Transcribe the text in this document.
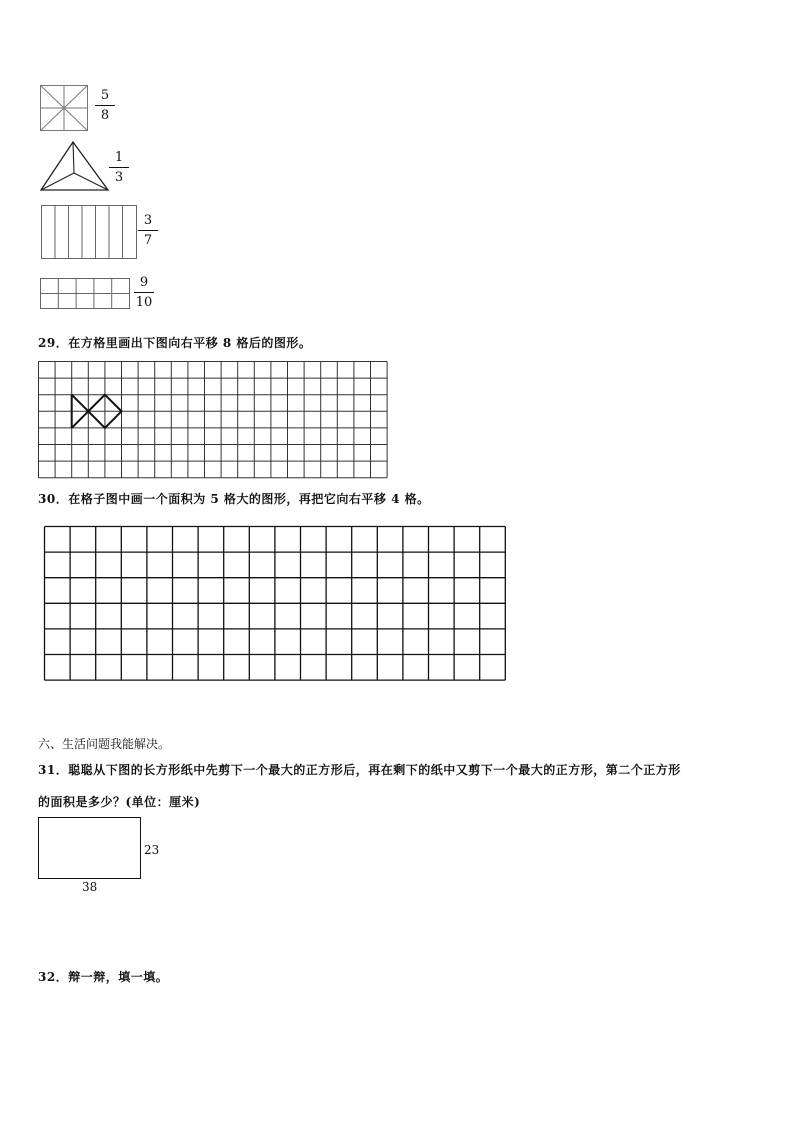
5
8
1
3
3
7
9
10
29．在方格里画出下图向右平移 8 格后的图形。
30．在格子图中画一个面积为 5 格大的图形，再把它向右平移 4 格。
六、生活问题我能解决。
31．聪聪从下图的长方形纸中先剪下一个最大的正方形后，再在剩下的纸中又剪下一个最大的正方形，第二个正方形
的面积是多少？(单位：厘米)
23
38
32．辩一辩，填一填。
